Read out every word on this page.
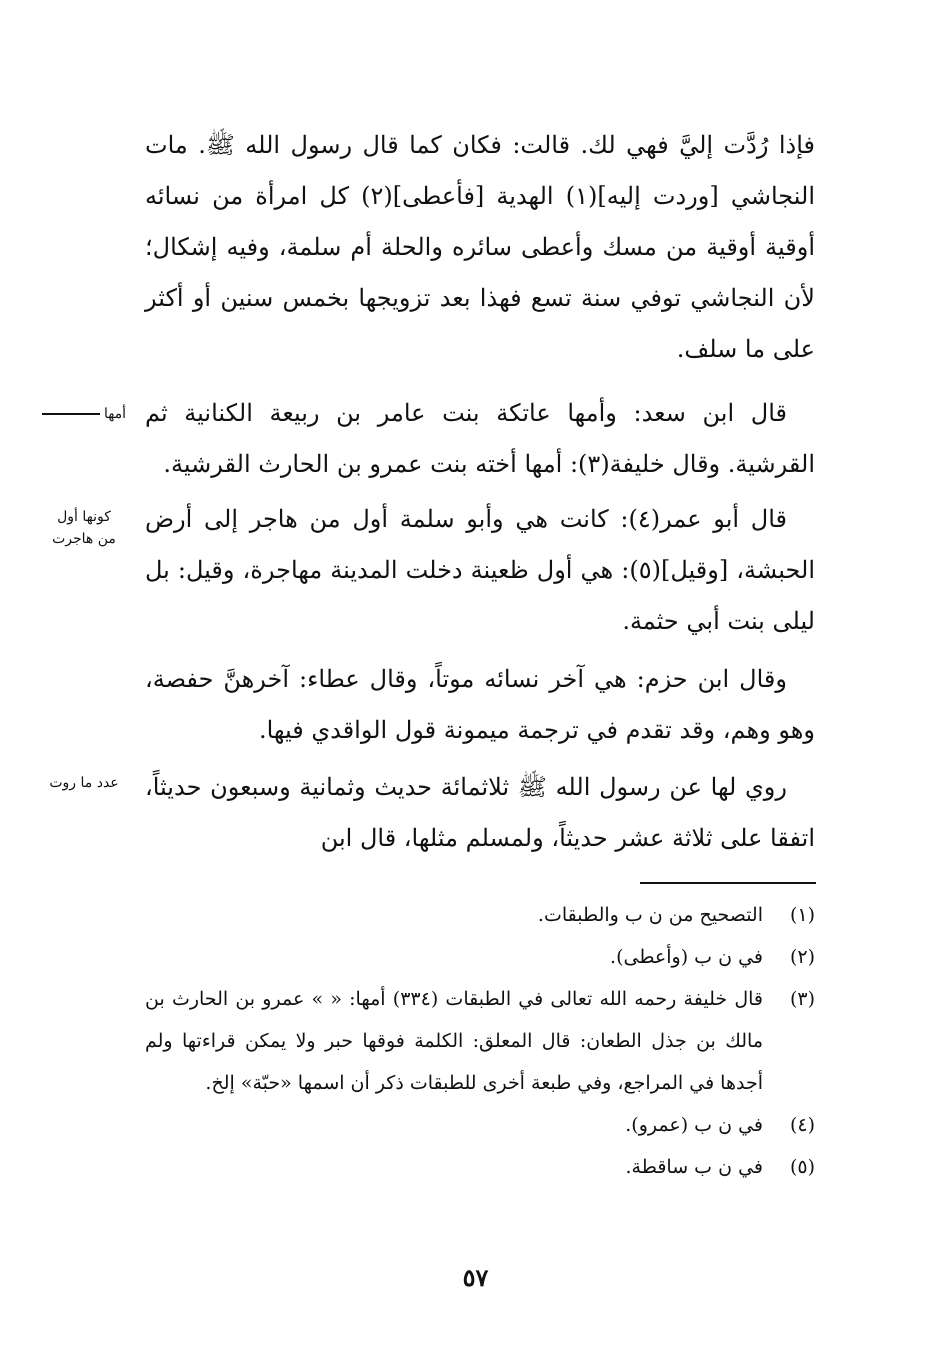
فإذا رُدَّت إليَّ فهي لك. قالت: فكان كما قال رسول الله ﷺ. مات النجاشي [وردت إليه](١) الهدية [فأعطى](٢) كل امرأة من نسائه أوقية أوقية من مسك وأعطى سائره والحلة أم سلمة، وفيه إشكال؛ لأن النجاشي توفي سنة تسع فهذا بعد تزويجها بخمس سنين أو أكثر على ما سلف.

قال ابن سعد: وأمها عاتكة بنت عامر بن ربيعة الكنانية ثم القرشية. وقال خليفة(٣): أمها أخته بنت عمرو بن الحارث القرشية.

قال أبو عمر(٤): كانت هي وأبو سلمة أول من هاجر إلى أرض الحبشة، [وقيل](٥): هي أول ظعينة دخلت المدينة مهاجرة، وقيل: بل ليلى بنت أبي حثمة.

وقال ابن حزم: هي آخر نسائه موتاً، وقال عطاء: آخرهنَّ حفصة، وهو وهم، وقد تقدم في ترجمة ميمونة قول الواقدي فيها.

روي لها عن رسول الله ﷺ ثلاثمائة حديث وثمانية وسبعون حديثاً، اتفقا على ثلاثة عشر حديثاً، ولمسلم مثلها، قال ابن

أمها
كونها أول
من هاجرت
عدد ما روت
(١)
التصحيح من ن ب والطبقات.
(٢)
في ن ب (وأعطى).
(٣)
قال خليفة رحمه الله تعالى في الطبقات (٣٣٤) أمها: « » عمرو بن الحارث بن مالك بن جذل الطعان: قال المعلق: الكلمة فوقها حبر ولا يمكن قراءتها ولم أجدها في المراجع، وفي طبعة أخرى للطبقات ذكر أن اسمها «حبّة» إلخ.
(٤)
في ن ب (عمرو).
(٥)
في ن ب ساقطة.
٥٧
